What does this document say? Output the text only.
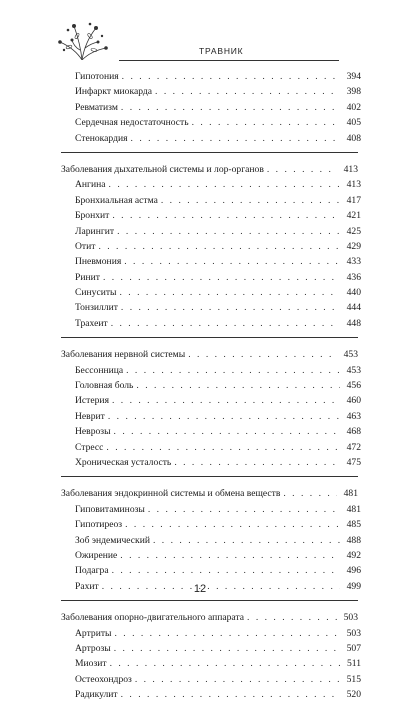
ТРАВНИК
Гипотония . . .	394
Инфаркт миокарда . . .	398
Ревматизм . . .	402
Сердечная недостаточность . . .	405
Стенокардия . . .	408
Заболевания дыхательной системы и лор-органов . . .	413
Ангина . . .	413
Бронхиальная астма . . .	417
Бронхит . . .	421
Ларингит . . .	425
Отит . . .	429
Пневмония . . .	433
Ринит . . .	436
Синуситы . . .	440
Тонзиллит . . .	444
Трахеит . . .	448
Заболевания нервной системы . . .	453
Бессонница . . .	453
Головная боль . . .	456
Истерия . . .	460
Неврит . . .	463
Неврозы . . .	468
Стресс . . .	472
Хроническая усталость . . .	475
Заболевания эндокринной системы и обмена веществ . . .	481
Гиповитаминозы . . .	481
Гипотиреоз . . .	485
Зоб эндемический . . .	488
Ожирение . . .	492
Подагра . . .	496
Рахит . . .	499
Заболевания опорно-двигательного аппарата . . .	503
Артриты . . .	503
Артрозы . . .	507
Миозит . . .	511
Остеохондроз . . .	515
Радикулит . . .	520
12
